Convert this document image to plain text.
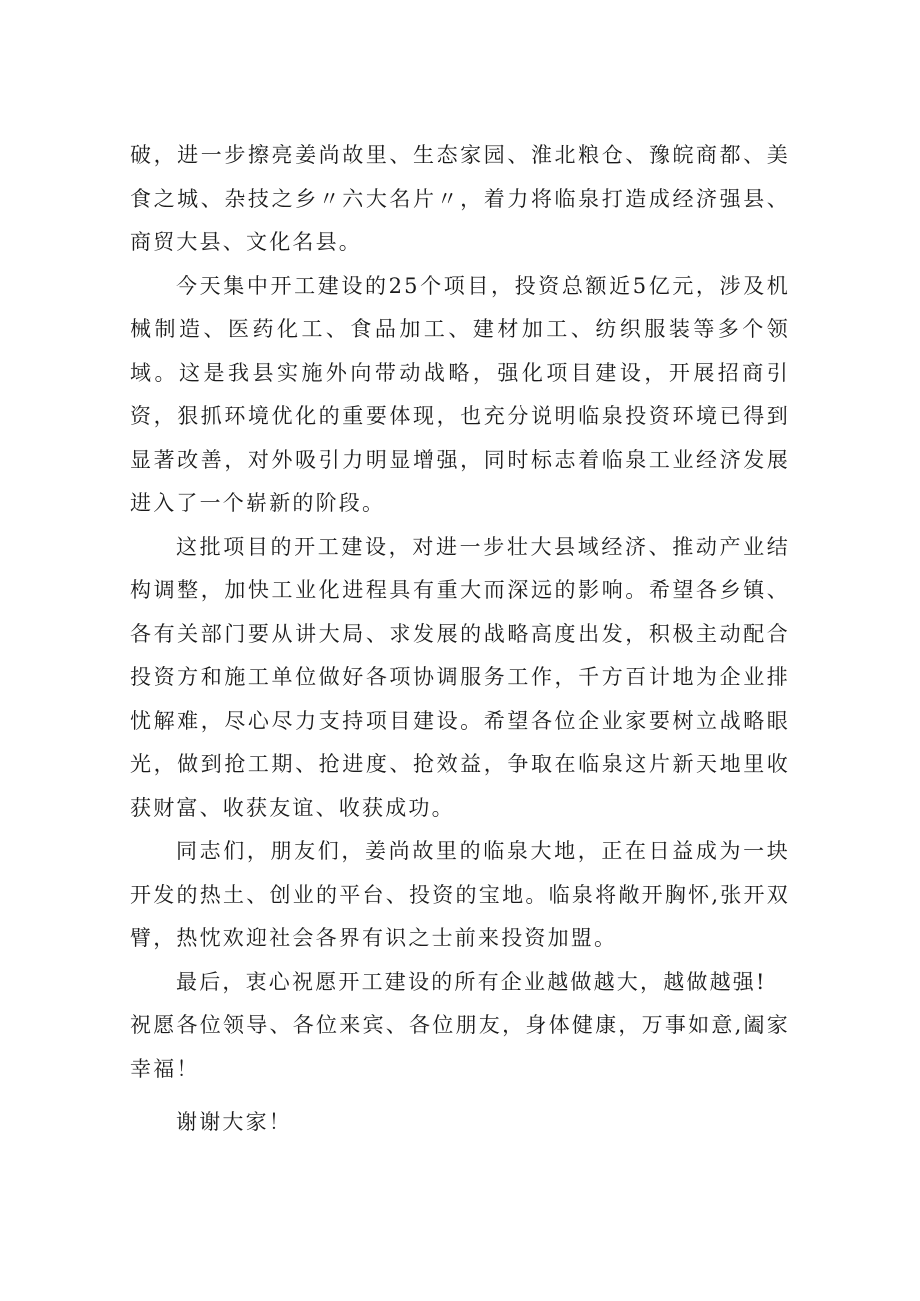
破，进一步擦亮姜尚故里、生态家园、淮北粮仓、豫皖商都、美食之城、杂技之乡〃六大名片〃，着力将临泉打造成经济强县、商贸大县、文化名县。

今天集中开工建设的25个项目，投资总额近5亿元，涉及机械制造、医药化工、食品加工、建材加工、纺织服装等多个领域。这是我县实施外向带动战略，强化项目建设，开展招商引资，狠抓环境优化的重要体现，也充分说明临泉投资环境已得到显著改善，对外吸引力明显增强，同时标志着临泉工业经济发展进入了一个崭新的阶段。

这批项目的开工建设，对进一步壮大县域经济、推动产业结构调整，加快工业化进程具有重大而深远的影响。希望各乡镇、各有关部门要从讲大局、求发展的战略高度出发，积极主动配合投资方和施工单位做好各项协调服务工作，千方百计地为企业排忧解难，尽心尽力支持项目建设。希望各位企业家要树立战略眼光，做到抢工期、抢进度、抢效益，争取在临泉这片新天地里收获财富、收获友谊、收获成功。

同志们，朋友们，姜尚故里的临泉大地，正在日益成为一块开发的热土、创业的平台、投资的宝地。临泉将敞开胸怀,张开双臂，热忱欢迎社会各界有识之士前来投资加盟。

最后，衷心祝愿开工建设的所有企业越做越大，越做越强!

祝愿各位领导、各位来宾、各位朋友，身体健康，万事如意,阖家幸福！

谢谢大家！
